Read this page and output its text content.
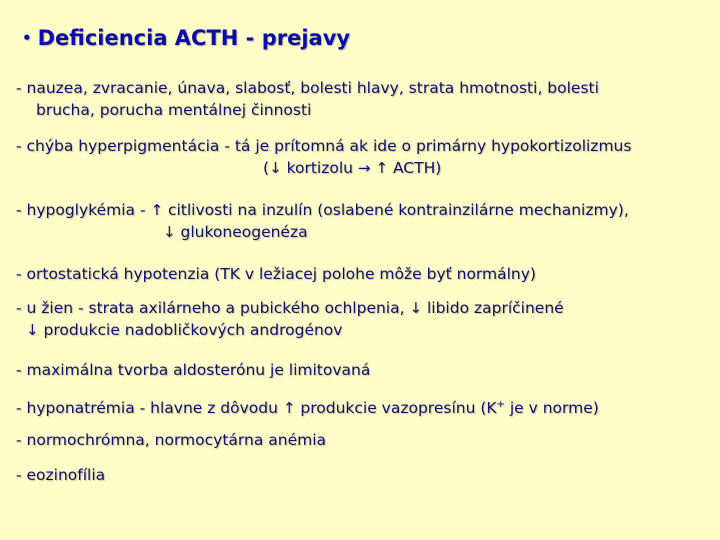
• Deficiencia ACTH - prejavy
- nauzea, zvracanie, únava, slabosť, bolesti hlavy, strata hmotnosti, bolesti
brucha, porucha mentálnej činnosti
- chýba hyperpigmentácia - tá je prítomná ak ide o primárny hypokortizolizmus
(↓ kortizolu → ↑ ACTH)
- hypoglykémia - ↑ citlivosti na inzulín (oslabené kontrainzilárne mechanizmy),
↓ glukoneogenéza
- ortostatická hypotenzia (TK v ležiacej polohe môže byť normálny)
- u žien - strata axilárneho a pubického ochlpenia, ↓ libido zapríčinené
↓ produkcie nadobličkových androgénov
- maximálna tvorba aldosterónu je limitovaná
- hyponatrémia - hlavne z dôvodu ↑ produkcie vazopresínu (K+ je v norme)
- normochrómna, normocytárna anémia
- eozinofília
